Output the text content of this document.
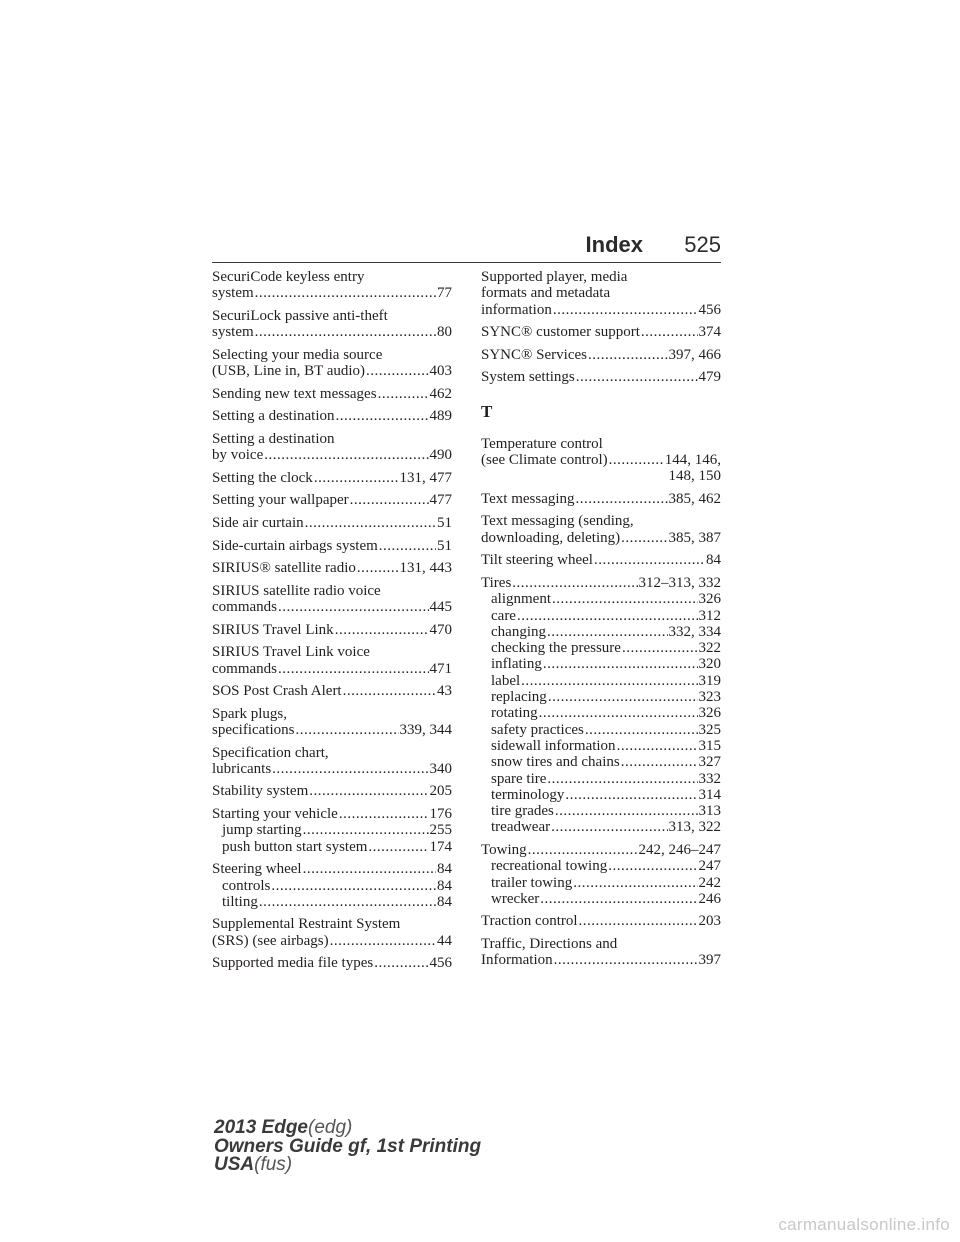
Index 525
SecuriCode keyless entry
system .....	77
SecuriLock passive anti-theft
system .....	80
Selecting your media source
(USB, Line in, BT audio) .....	403
Sending new text messages .....	462
Setting a destination .....	489
Setting a destination
by voice .....	490
Setting the clock .....	131, 477
Setting your wallpaper .....	477
Side air curtain .....	51
Side-curtain airbags system .....	51
SIRIUS® satellite radio .....	131, 443
SIRIUS satellite radio voice
commands .....	445
SIRIUS Travel Link .....	470
SIRIUS Travel Link voice
commands .....	471
SOS Post Crash Alert .....	43
Spark plugs,
specifications .....	339, 344
Specification chart,
lubricants .....	340
Stability system .....	205
Starting your vehicle .....	176
jump starting .....	255
push button start system .....	174
Steering wheel .....	84
controls .....	84
tilting .....	84
Supplemental Restraint System
(SRS) (see airbags) .....	44
Supported media file types .....	456
Supported player, media
formats and metadata
information .....	456
SYNC® customer support .....	374
SYNC® Services .....	397, 466
System settings .....	479
T
Temperature control
(see Climate control) .....	144, 146,
148, 150
Text messaging .....	385, 462
Text messaging (sending,
downloading, deleting) .....	385, 387
Tilt steering wheel .....	84
Tires .....	312–313, 332
alignment .....	326
care .....	312
changing .....	332, 334
checking the pressure .....	322
inflating .....	320
label .....	319
replacing .....	323
rotating .....	326
safety practices .....	325
sidewall information .....	315
snow tires and chains .....	327
spare tire .....	332
terminology .....	314
tire grades .....	313
treadwear .....	313, 322
Towing .....	242, 246–247
recreational towing .....	247
trailer towing .....	242
wrecker .....	246
Traction control .....	203
Traffic, Directions and
Information .....	397
2013 Edge(edg)
Owners Guide gf, 1st Printing
USA(fus)
carmanualsonline.info
